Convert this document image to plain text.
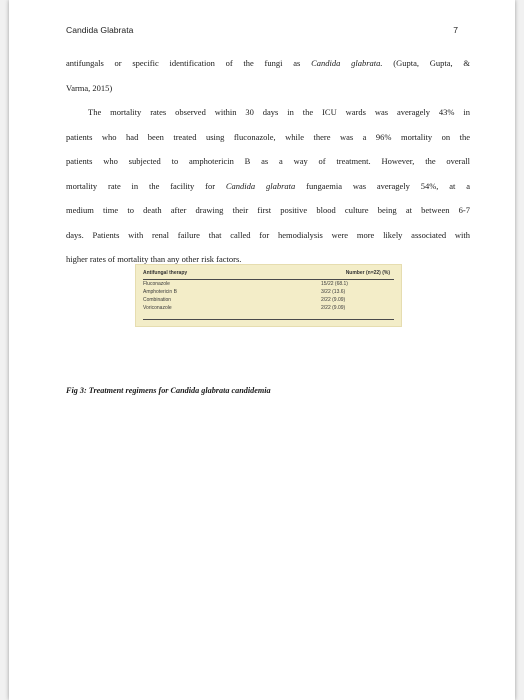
Candida Glabrata	7

antifungals or specific identification of the fungi as Candida glabrata. (Gupta, Gupta, &
Varma, 2015)

The mortality rates observed within 30 days in the ICU wards was averagely 43% in
patients who had been treated using fluconazole, while there was a 96% mortality on the
patients who subjected to amphotericin B as a way of treatment. However, the overall
mortality rate in the facility for Candida glabrata fungaemia was averagely 54%, at a
medium time to death after drawing their first positive blood culture being at between 6-7
days. Patients with renal failure that called for hemodialysis were more likely associated with
higher rates of mortality than any other risk factors.

Antifungal therapy	Number (n=22) (%)
Fluconazole	15/22 (68.1)
Amphotericin B	3/22 (13.6)
Combination	2/22 (9.09)
Voriconazole	2/22 (9.09)
Fig 3: Treatment regimens for Candida glabrata candidemia
